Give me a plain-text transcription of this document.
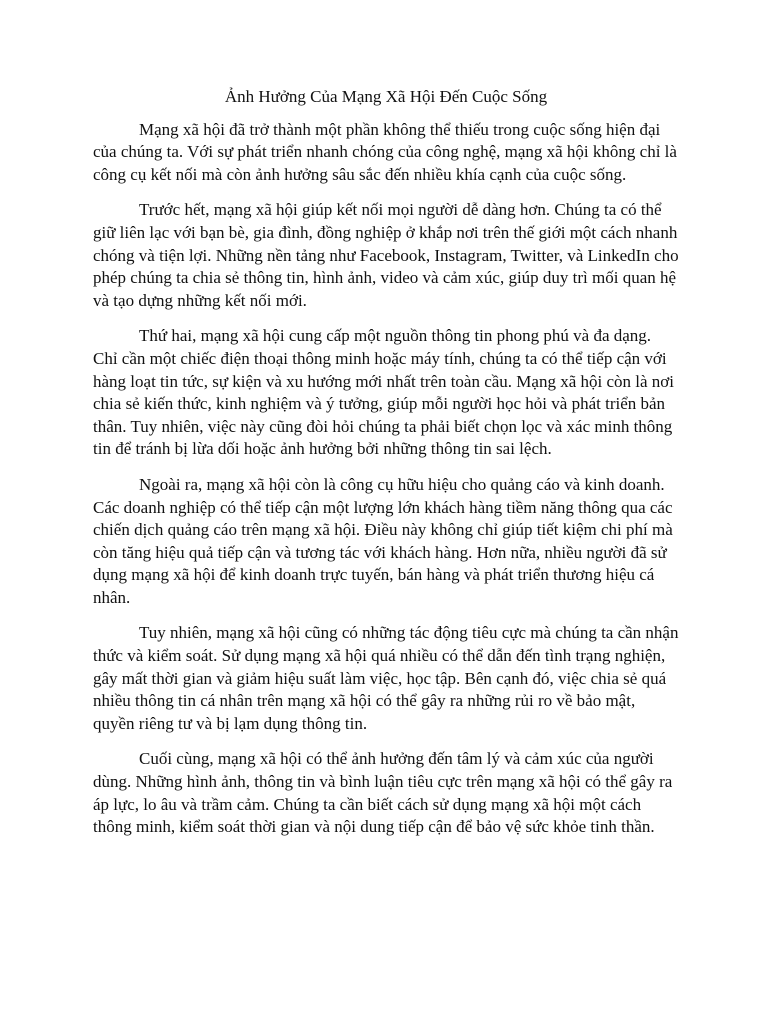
Ảnh Hưởng Của Mạng Xã Hội Đến Cuộc Sống

Mạng xã hội đã trở thành một phần không thể thiếu trong cuộc sống hiện đại của chúng ta. Với sự phát triển nhanh chóng của công nghệ, mạng xã hội không chỉ là công cụ kết nối mà còn ảnh hưởng sâu sắc đến nhiều khía cạnh của cuộc sống.

Trước hết, mạng xã hội giúp kết nối mọi người dễ dàng hơn. Chúng ta có thể giữ liên lạc với bạn bè, gia đình, đồng nghiệp ở khắp nơi trên thế giới một cách nhanh chóng và tiện lợi. Những nền tảng như Facebook, Instagram, Twitter, và LinkedIn cho phép chúng ta chia sẻ thông tin, hình ảnh, video và cảm xúc, giúp duy trì mối quan hệ và tạo dựng những kết nối mới.

Thứ hai, mạng xã hội cung cấp một nguồn thông tin phong phú và đa dạng. Chỉ cần một chiếc điện thoại thông minh hoặc máy tính, chúng ta có thể tiếp cận với hàng loạt tin tức, sự kiện và xu hướng mới nhất trên toàn cầu. Mạng xã hội còn là nơi chia sẻ kiến thức, kinh nghiệm và ý tưởng, giúp mỗi người học hỏi và phát triển bản thân. Tuy nhiên, việc này cũng đòi hỏi chúng ta phải biết chọn lọc và xác minh thông tin để tránh bị lừa dối hoặc ảnh hưởng bởi những thông tin sai lệch.

Ngoài ra, mạng xã hội còn là công cụ hữu hiệu cho quảng cáo và kinh doanh. Các doanh nghiệp có thể tiếp cận một lượng lớn khách hàng tiềm năng thông qua các chiến dịch quảng cáo trên mạng xã hội. Điều này không chỉ giúp tiết kiệm chi phí mà còn tăng hiệu quả tiếp cận và tương tác với khách hàng. Hơn nữa, nhiều người đã sử dụng mạng xã hội để kinh doanh trực tuyến, bán hàng và phát triển thương hiệu cá nhân.

Tuy nhiên, mạng xã hội cũng có những tác động tiêu cực mà chúng ta cần nhận thức và kiểm soát. Sử dụng mạng xã hội quá nhiều có thể dẫn đến tình trạng nghiện, gây mất thời gian và giảm hiệu suất làm việc, học tập. Bên cạnh đó, việc chia sẻ quá nhiều thông tin cá nhân trên mạng xã hội có thể gây ra những rủi ro về bảo mật, quyền riêng tư và bị lạm dụng thông tin.

Cuối cùng, mạng xã hội có thể ảnh hưởng đến tâm lý và cảm xúc của người dùng. Những hình ảnh, thông tin và bình luận tiêu cực trên mạng xã hội có thể gây ra áp lực, lo âu và trầm cảm. Chúng ta cần biết cách sử dụng mạng xã hội một cách thông minh, kiểm soát thời gian và nội dung tiếp cận để bảo vệ sức khỏe tinh thần.
